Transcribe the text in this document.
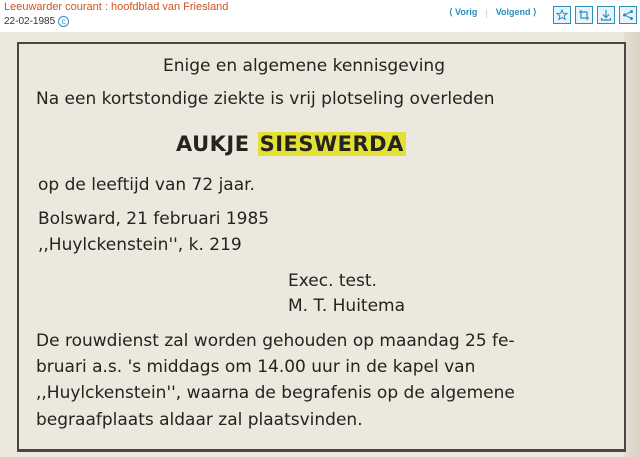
Leeuwarder courant : hoofdblad van Friesland
22-02-1985 c
⟨ Vorig | Volgend ⟩
Enige en algemene kennisgeving
Na een kortstondige ziekte is vrij plotseling overleden
AUKJE SIESWERDA
op de leeftijd van 72 jaar.
Bolsward, 21 februari 1985
,,Huylckenstein'', k. 219
Exec. test.
M. T. Huitema
De rouwdienst zal worden gehouden op maandag 25 fe-
bruari a.s. 's middags om 14.00 uur in de kapel van
,,Huylckenstein'', waarna de begrafenis op de algemene
begraafplaats aldaar zal plaatsvinden.
